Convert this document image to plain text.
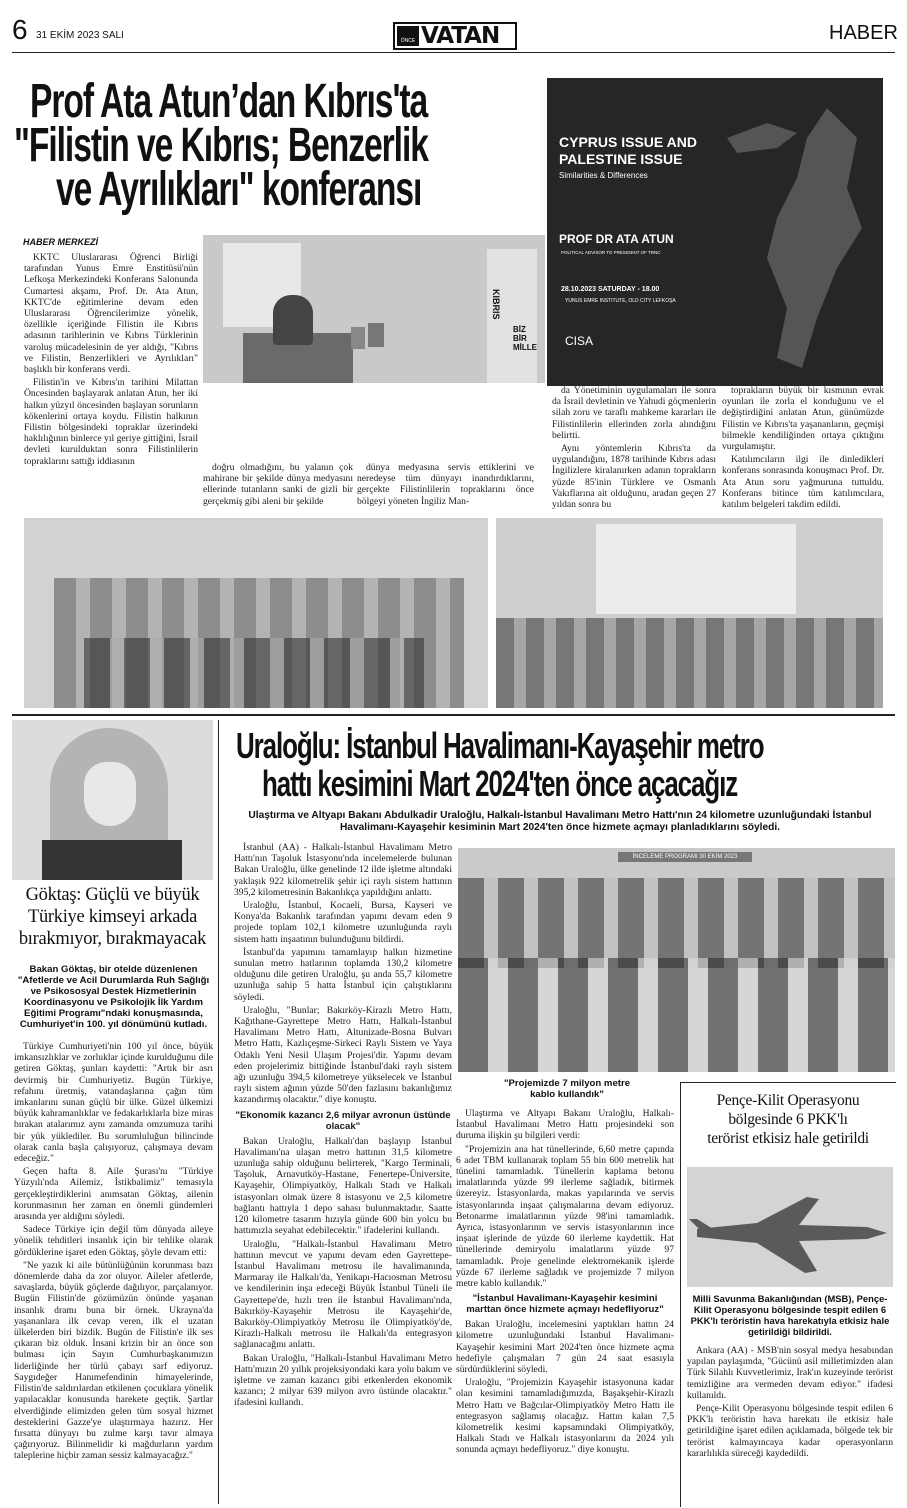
6 31 EKİM 2023 SALI	ÖNCE VATAN	HABER
Prof Ata Atun’dan Kıbrıs'ta
"Filistin ve Kıbrıs; Benzerlik
ve Ayrılıkları" konferansı
CYPRUS ISSUE AND
PALESTINE ISSUE
Similarities & Differences
PROF DR ATA ATUN
POLITICAL ADVISOR TO PRESIDENT OF TRNC
28.10.2023 SATURDAY - 18.00
YUNUS EMRE INSTITUTE, OLD CITY LEFKOŞA
CISA
HABER MERKEZİ
KIBRIS
BİZ BİR MİLLE

KKTC Uluslararası Öğrenci Birliği tarafından Yunus Emre Enstitüsü'nün Lefkoşa Merkezindeki Konferans Salonunda Cumartesi akşamı, Prof. Dr. Ata Atun, KKTC'de eğitimlerine devam eden Uluslararası Öğrencilerimize yönelik, özellikle içeriğinde Filistin ile Kıbrıs adasının tarihlerinin ve Kıbrıs Türklerinin varoluş mücadelesinin de yer aldığı, "Kıbrıs ve Filistin, Benzerlikleri ve Ayrılıkları" başlıklı bir konferans verdi.

Filistin'in ve Kıbrıs'ın tarihini Milattan Öncesinden başlayarak anlatan Atun, her iki halkın yüzyıl öncesinden başlayan sorunların kökenlerini ortaya koydu. Filistin halkının Filistin bölgesindeki topraklar üzerindeki haklılığının binlerce yıl geriye gittiğini, İsrail devleti kurulduktan sonra Filistinlilerin topraklarını sattığı iddiasının

doğru olmadığını, bu yalanın çok mahirane bir şekilde dünya medyasını ellerinde tutanların sanki de gizli bir gerçekmiş gibi aleni bir şekilde

dünya medyasına servis ettiklerini ve neredeyse tüm dünyayı inandırdıklarını, gerçekte Filistinlilerin topraklarını önce bölgeyi yöneten İngiliz Man-

da Yönetiminin uygulamaları ile sonra da İsrail devletinin ve Yahudi göçmenlerin silah zoru ve taraflı mahkeme kararları ile Filistinlilerin ellerinden zorla alındığını belirtti.

Aynı yöntemlerin Kıbrıs'ta da uygulandığını, 1878 tarihinde Kıbrıs adası İngilizlere kiralanırken adanın toprakların yüzde 85'inin Türklere ve Osmanlı Vakıflarına ait olduğunu, aradan geçen 27 yıldan sonra bu

toprakların büyük bir kısmının evrak oyunları ile zorla el konduğunu ve el değiştirdiğini anlatan Atun, günümüzde Filistin ve Kıbrıs'ta yaşananların, geçmişi bilmekle kendiliğinden ortaya çıktığını vurgulamıştır.

Katılımcıların ilgi ile dinledikleri konferans sonrasında konuşmacı Prof. Dr. Ata Atun soru yağmuruna tuttuldu. Konferans bitince tüm katılımcılara, katılım belgeleri takdim edildi.

Göktaş: Güçlü ve büyük
Türkiye kimseyi arkada
bırakmıyor, bırakmayacak
Bakan Göktaş, bir otelde düzenlenen "Afetlerde ve Acil Durumlarda Ruh Sağlığı ve Psikososyal Destek Hizmetlerinin Koordinasyonu ve Psikolojik İlk Yardım Eğitimi Programı"ndaki konuşmasında, Cumhuriyet'in 100. yıl dönümünü kutladı.

Türkiye Cumhuriyeti'nin 100 yıl önce, büyük imkansızlıklar ve zorluklar içinde kurulduğunu dile getiren Göktaş, şunları kaydetti: "Artık bir asrı devirmiş bir Cumhuriyetiz. Bugün Türkiye, refahını üretmiş, vatandaşlarına çağın tüm imkanlarını sunan güçlü bir ülke. Güzel ülkemizi büyük kahramanlıklar ve fedakarlıklarla bize miras bırakan atalarımız aynı zamanda omzumuza tarihi bir yük yüklediler. Bu sorumluluğun bilincinde olarak canla başla çalışıyoruz, çalışmaya devam edeceğiz."

Geçen hafta 8. Aile Şurası'nı "Türkiye Yüzyılı'nda Ailemiz, İstikbalimiz" temasıyla gerçekleştirdiklerini anımsatan Göktaş, ailenin korunmasının her zaman en önemli gündemleri arasında yer aldığını söyledi.

Sadece Türkiye için değil tüm dünyada aileye yönelik tehditleri insanlık için bir tehlike olarak gördüklerine işaret eden Göktaş, şöyle devam etti:

"Ne yazık ki aile bütünlüğünün korunması bazı dönemlerde daha da zor oluyor. Aileler afetlerde, savaşlarda, büyük göçlerde dağılıyor, parçalanıyor. Bugün Filistin'de gözümüzün önünde yaşanan insanlık dramı buna bir örnek. Ukrayna'da yaşananlara ilk cevap veren, ilk el uzatan ülkelerden biri bizdik. Bugün de Filistin'e ilk ses çıkaran biz olduk. İnsani krizin bir an önce son bulması için Sayın Cumhurbaşkanımızın liderliğinde her türlü çabayı sarf ediyoruz. Saygıdeğer Hanımefendinin himayelerinde, Filistin'de saldırılardan etkilenen çocuklara yönelik yapılacaklar konusunda harekete geçtik. Şartlar elverdiğinde elimizden gelen tüm sosyal hizmet desteklerini Gazze'ye ulaştırmaya hazırız. Her fırsatta dünyayı bu zulme karşı tavır almaya çağırıyoruz. Bilinmelidir ki mağdurların yardım taleplerine hiçbir zaman sessiz kalmayacağız."

Uraloğlu: İstanbul Havalimanı-Kayaşehir metro
hattı kesimini Mart 2024'ten önce açacağız
Ulaştırma ve Altyapı Bakanı Abdulkadir Uraloğlu, Halkalı-İstanbul Havalimanı Metro Hattı'nın 24 kilometre uzunluğundaki İstanbul Havalimanı-Kayaşehir kesiminin Mart 2024'ten önce hizmete açmayı planladıklarını söyledi.

İstanbul (AA) - Halkalı-İstanbul Havalimanı Metro Hattı'nın Taşoluk İstasyonu'nda incelemelerde bulunan Bakan Uraloğlu, ülke genelinde 12 ilde işletme altındaki yaklaşık 922 kilometrelik şehir içi raylı sistem hattının 395,2 kilometresinin Bakanlıkça yapıldığını anlattı.

Uraloğlu, İstanbul, Kocaeli, Bursa, Kayseri ve Konya'da Bakanlık tarafından yapımı devam eden 9 projede toplam 102,1 kilometre uzunluğunda raylı sistem hattı inşaatının bulunduğunu bildirdi.

İstanbul'da yapımını tamamlayıp halkın hizmetine sunulan metro hatlarının toplamda 130,2 kilometre olduğunu dile getiren Uraloğlu, şu anda 55,7 kilometre uzunluğa sahip 5 hatta İstanbul için çalıştıklarını söyledi.

Uraloğlu, "Bunlar; Bakırköy-Kirazlı Metro Hattı, Kağıthane-Gayrettepe Metro Hattı, Halkalı-İstanbul Havalimanı Metro Hattı, Altunizade-Bosna Bulvarı Metro Hattı, Kazlıçeşme-Sirkeci Raylı Sistem ve Yaya Odaklı Yeni Nesil Ulaşım Projesi'dir. Yapımı devam eden projelerimiz bittiğinde İstanbul'daki raylı sistem ağı uzunluğu 394,5 kilometreye yükselecek ve İstanbul raylı sistem ağının yüzde 50'den fazlasını bakanlığımız kazandırmış olacaktır." diye konuştu.

"Ekonomik kazancı 2,6 milyar avronun üstünde olacak"

Bakan Uraloğlu, Halkalı'dan başlayıp İstanbul Havalimanı'na ulaşan metro hattının 31,5 kilometre uzunluğa sahip olduğunu belirterek, "Kargo Terminali, Taşoluk, Arnavutköy-Hastane, Fenertepe-Üniversite, Kayaşehir, Olimpiyatköy, Halkalı Stadı ve Halkalı istasyonları olmak üzere 8 istasyonu ve 2,5 kilometre bağlantı hattıyla 1 depo sahası bulunmaktadır. Saatte 120 kilometre tasarım hızıyla günde 600 bin yolcu bu hattımızla seyahat edebilecektir." ifadelerini kullandı.

Uraloğlu, "Halkalı-İstanbul Havalimanı Metro hattının mevcut ve yapımı devam eden Gayrettepe-İstanbul Havalimanı metrosu ile havalimanında, Marmaray ile Halkalı'da, Yenikapı-Hacıosman Metrosu ve kendilerinin inşa edeceği Büyük İstanbul Tüneli ile Gayrettepe'de, hızlı tren ile İstanbul Havalimanı'nda, Bakırköy-Kayaşehir Metrosu ile Kayaşehir'de, Bakırköy-Olimpiyatköy Metrosu ile Olimpiyatköy'de, Kirazlı-Halkalı metrosu ile Halkalı'da entegrasyon sağlanacağını anlattı.

Bakan Uraloğlu, "Halkalı-İstanbul Havalimanı Metro Hattı'mızın 20 yıllık projeksiyondaki kara yolu bakım ve işletme ve zaman kazancı gibi etkenlerden ekonomik kazancı; 2 milyar 639 milyon avro üstünde olacaktır." ifadesini kullandı.

İNCELEME PROGRAMI 30 EKİM 2023
"Projemizde 7 milyon metre kablo kullandık"

Ulaştırma ve Altyapı Bakanı Uraloğlu, Halkalı-İstanbul Havalimanı Metro Hattı projesindeki son duruma ilişkin şu bilgileri verdi:

"Projemizin ana hat tünellerinde, 6,60 metre çapında 6 adet TBM kullanarak toplam 55 bin 600 metrelik hat tünelini tamamladık. Tünellerin kaplama betonu imalatlarında yüzde 99 ilerleme sağladık, bitirmek üzereyiz. İstasyonlarda, makas yapılarında ve servis istasyonlarında inşaat çalışmalarına devam ediyoruz. Betonarme imalatlarının yüzde 98'ini tamamladık. Ayrıca, istasyonlarının ve servis istasyonlarının ince inşaat işlerinde de yüzde 60 ilerleme kaydettik. Hat tünellerinde demiryolu imalatlarını yüzde 97 tamamladık. Proje genelinde elektromekanik işlerde yüzde 67 ilerleme sağladık ve projemizde 7 milyon metre kablo kullandık."

"İstanbul Havalimanı-Kayaşehir kesimini marttan önce hizmete açmayı hedefliyoruz"

Bakan Uraloğlu, incelemesini yaptıkları hattın 24 kilometre uzunluğundaki İstanbul Havalimanı-Kayaşehir kesimini Mart 2024'ten önce hizmete açma hedefiyle çalışmaları 7 gün 24 saat esasıyla sürdürdüklerini söyledi.

Uraloğlu, "Projemizin Kayaşehir istasyonuna kadar olan kesimini tamamladığımızda, Başakşehir-Kirazlı Metro Hattı ve Bağcılar-Olimpiyatköy Metro Hattı ile entegrasyon sağlamış olacağız. Hattın kalan 7,5 kilometrelik kesimi kapsamındaki Olimpiyatköy, Halkalı Stadı ve Halkalı istasyonlarını da 2024 yılı sonunda açmayı hedefliyoruz." diye konuştu.

Pençe-Kilit Operasyonu
bölgesinde 6 PKK'lı
terörist etkisiz hale getirildi
Milli Savunma Bakanlığından (MSB), Pençe-Kilit Operasyonu bölgesinde tespit edilen 6 PKK'lı teröristin hava harekatıyla etkisiz hale getirildiği bildirildi.

Ankara (AA) - MSB'nin sosyal medya hesabından yapılan paylaşımda, "Gücünü asil milletimizden alan Türk Silahlı Kuvvetlerimiz, Irak'ın kuzeyinde terörist temizliğine ara vermeden devam ediyor." ifadesi kullanıldı.

Pençe-Kilit Operasyonu bölgesinde tespit edilen 6 PKK'lı teröristin hava harekatı ile etkisiz hale getirildiğine işaret edilen açıklamada, bölgede tek bir terörist kalmayıncaya kadar operasyonların kararlılıkla süreceği kaydedildi.
